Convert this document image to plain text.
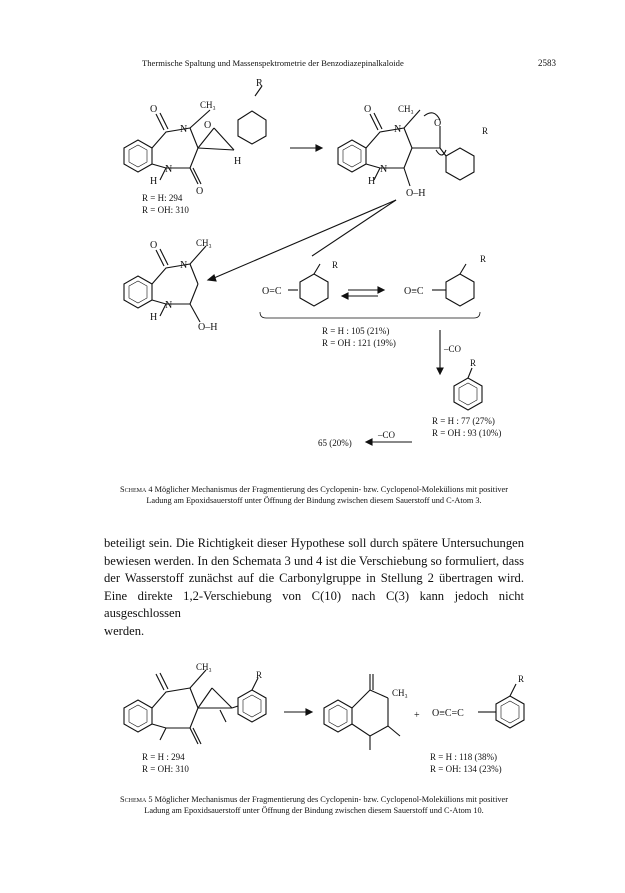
Thermische Spaltung und Massenspektrometrie der Benzodiazepinalkaloide	2583
R
CH₃
N
N
O
O
O
H
H
R = H: 294
R = OH: 310
R
CH₃
N
N
O
O
H
O–H
R
CH₃
N
N
O
H
O–H
O=C	O≡C
R
R = H : 105 (21%)
R = OH : 121 (19%)
–CO
R
R = H : 77 (27%)
R = OH : 93 (10%)
–CO
65 (20%)
Schema 4 Möglicher Mechanismus der Fragmentierung des Cyclopenin- bzw. Cyclopenol-Molekülions mit positiver Ladung am Epoxidsauerstoff unter Öffnung der Bindung zwischen diesem Sauerstoff und C-Atom 3.
beteiligt sein. Die Richtigkeit dieser Hypothese soll durch spätere Untersuchungen
bewiesen werden. In den Schemata 3 und 4 ist die Verschiebung so formuliert, dass
der Wasserstoff zunächst auf die Carbonylgruppe in Stellung 2 übertragen wird.
Eine direkte 1,2-Verschiebung von C(10) nach C(3) kann jedoch nicht ausgeschlossen
werden.
R
CH₃
R = H : 294
R = OH: 310
CH₃
+ O≡C=C
R
R = H : 118 (38%)
R = OH: 134 (23%)
Schema 5 Möglicher Mechanismus der Fragmentierung des Cyclopenin- bzw. Cyclopenol-Molekülions mit positiver Ladung am Epoxidsauerstoff unter Öffnung der Bindung zwischen diesem Sauerstoff und C-Atom 10.
